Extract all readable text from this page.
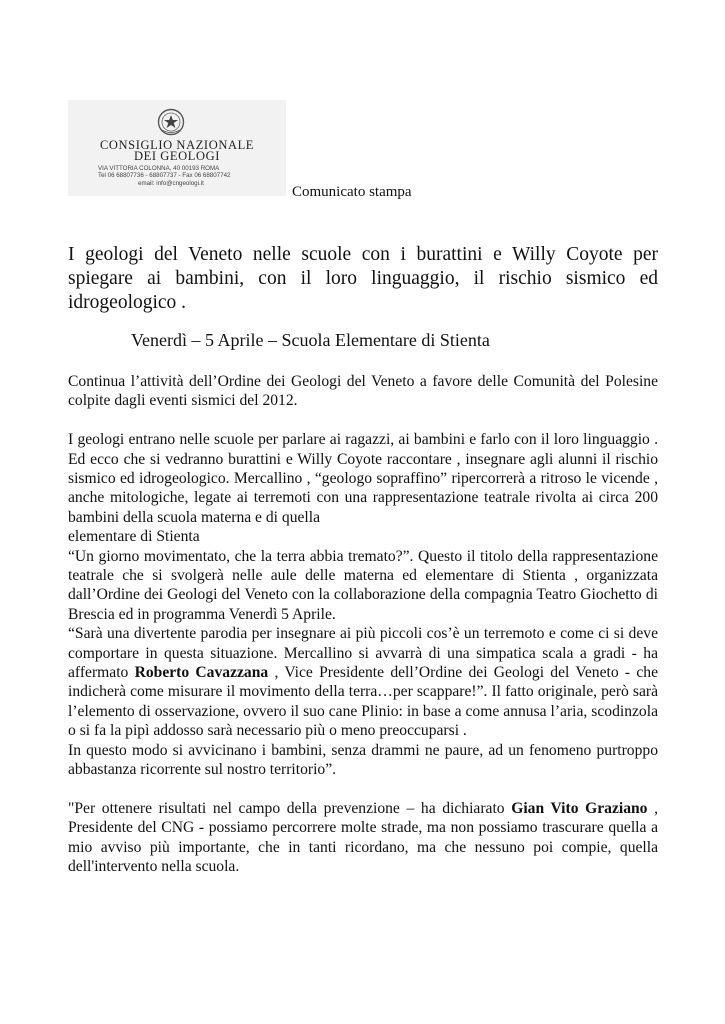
CONSIGLIO NAZIONALE
DEI GEOLOGI
VIA VITTORIA COLONNA, 40 00193 ROMA
Tel 06 68807736 - 68807737 - Fax 06 68807742
email: info@cngeologi.it
Comunicato stampa
I geologi del Veneto nelle scuole con i burattini e Willy Coyote per spiegare ai bambini, con il loro linguaggio, il rischio sismico ed idrogeologico .
Venerdì – 5 Aprile – Scuola Elementare di Stienta

Continua l’attività dell’Ordine dei Geologi del Veneto a favore delle Comunità del Polesine colpite dagli eventi sismici del 2012.

I geologi entrano nelle scuole per parlare ai ragazzi, ai bambini e farlo con il loro linguaggio . Ed ecco che si vedranno burattini e Willy Coyote raccontare , insegnare agli alunni il rischio sismico ed idrogeologico. Mercallino , “geologo sopraffino” ripercorrerà a ritroso le vicende , anche mitologiche, legate ai terremoti con una rappresentazione teatrale rivolta ai circa 200 bambini della scuola materna e di quella

elementare di Stienta

“Un giorno movimentato, che la terra abbia tremato?”. Questo il titolo della rappresentazione teatrale che si svolgerà nelle aule delle materna ed elementare di Stienta , organizzata dall’Ordine dei Geologi del Veneto con la collaborazione della compagnia Teatro Giochetto di Brescia ed in programma Venerdì 5 Aprile.

“Sarà una divertente parodia per insegnare ai più piccoli cos’è un terremoto e come ci si deve comportare in questa situazione. Mercallino si avvarrà di una simpatica scala a gradi - ha affermato Roberto Cavazzana , Vice Presidente dell’Ordine dei Geologi del Veneto - che indicherà come misurare il movimento della terra…per scappare!”. Il fatto originale, però sarà l’elemento di osservazione, ovvero il suo cane Plinio: in base a come annusa l’aria, scodinzola o si fa la pipì addosso sarà necessario più o meno preoccuparsi .

In questo modo si avvicinano i bambini, senza drammi ne paure, ad un fenomeno purtroppo abbastanza ricorrente sul nostro territorio”.

"Per ottenere risultati nel campo della prevenzione – ha dichiarato Gian Vito Graziano , Presidente del CNG - possiamo percorrere molte strade, ma non possiamo trascurare quella a mio avviso più importante, che in tanti ricordano, ma che nessuno poi compie, quella dell'intervento nella scuola.
